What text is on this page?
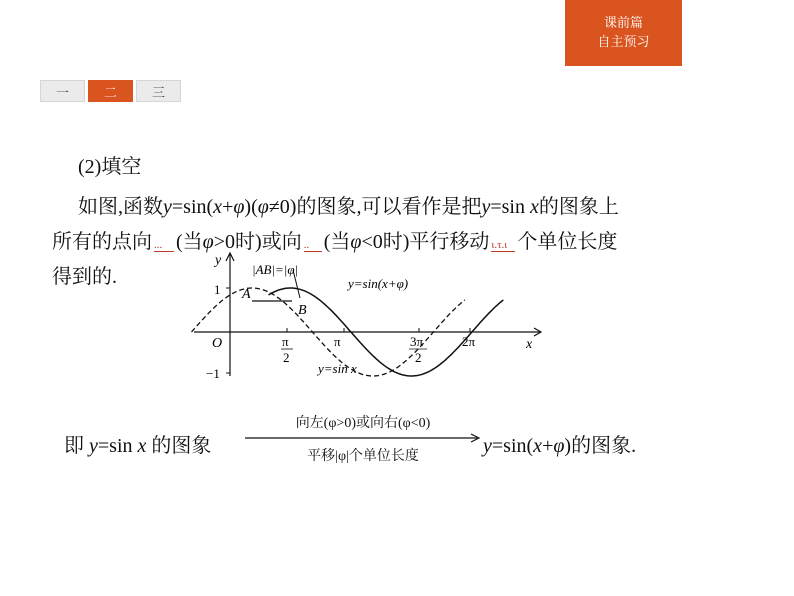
课前篇
自主预习
一	二	三
(2)填空
如图,函数y=sin(x+φ)(φ≠0)的图象,可以看作是把y=sin x的图象上
所有的点向 ... (当φ>0时)或向 .. (当φ<0时)平行移动 ι.τ.ι 个单位长度
得到的.
y
x
O
1
−1
π
2
π	3π
2
2π
|AB|=|φ|
A
B
y=sin(x+φ)
y=sin x
即 y=sin x 的图象
向左(φ>0)或向右(φ<0)
平移|φ|个单位长度	y=sin(x+φ)的图象.
